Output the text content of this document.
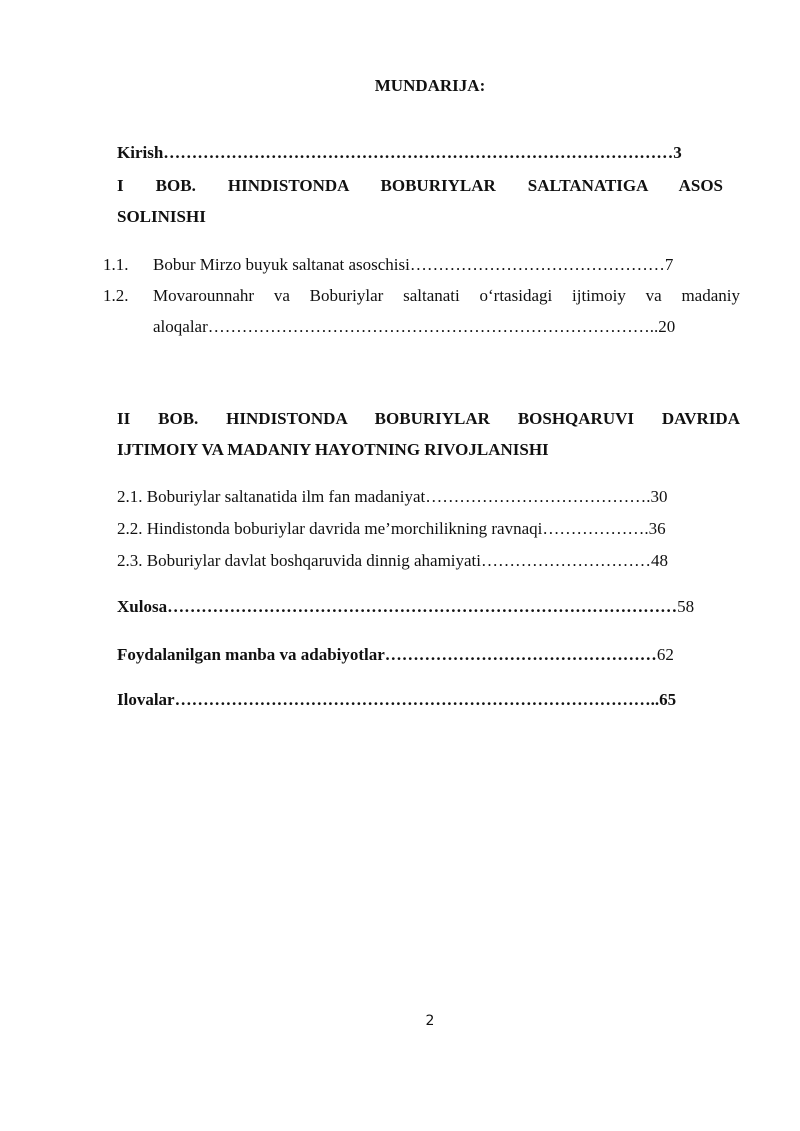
MUNDARIJA:
Kirish………………………………………………………………………………3
I BOB. HINDISTONDA BOBURIYLAR SALTANATIGA ASOS
SOLINISHI
1.1. Bobur Mirzo buyuk saltanat asoschisi………………………………………7
1.2. Movarounnahr va Boburiylar saltanati o‘rtasidagi ijtimoiy va madaniy
aloqalar……………………………………………………………………..20
II BOB. HINDISTONDA BOBURIYLAR BOSHQARUVI DAVRIDA
IJTIMOIY VA MADANIY HAYOTNING RIVOJLANISHI
2.1. Boburiylar saltanatida ilm fan madaniyat………………………………….30
2.2. Hindistonda boburiylar davrida me’morchilikning ravnaqi……………….36
2.3. Boburiylar davlat boshqaruvida dinnig ahamiyati…………………………48
Xulosa………………………………………………………………………………58
Foydalanilgan manba va adabiyotlar…………………………………………62
Ilovalar…………………………………………………………………………..65
2
